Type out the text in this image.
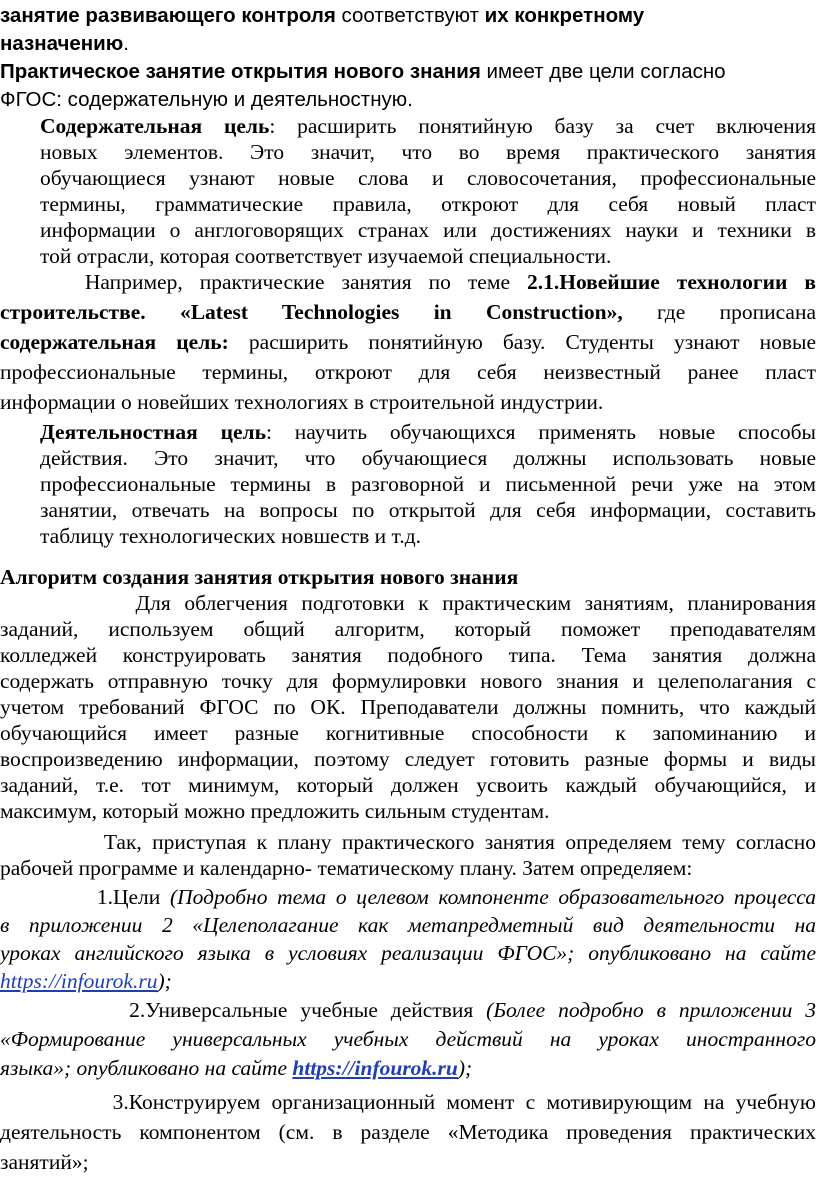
занятие развивающего контроля соответствуют их конкретному
назначению.
Практическое занятие открытия нового знания имеет две цели согласно
ФГОС: содержательную и деятельностную.
Содержательная цель: расширить понятийную базу за счет включения
новых элементов. Это значит, что во время практического занятия
обучающиеся узнают новые слова и словосочетания, профессиональные
термины, грамматические правила, откроют для себя новый пласт
информации о англоговорящих странах или достижениях науки и техники в
той отрасли, которая соответствует изучаемой специальности.
Например, практические занятия по теме 2.1.Новейшие технологии в
строительстве. «Latest Technologies in Construction», где прописана
содержательная цель: расширить понятийную базу. Студенты узнают новые
профессиональные термины, откроют для себя неизвестный ранее пласт
информации о новейших технологиях в строительной индустрии.
Деятельностная цель: научить обучающихся применять новые способы
действия. Это значит, что обучающиеся должны использовать новые
профессиональные термины в разговорной и письменной речи уже на этом
занятии, отвечать на вопросы по открытой для себя информации, составить
таблицу технологических новшеств и т.д.
Алгоритм создания занятия открытия нового знания
Для облегчения подготовки к практическим занятиям, планирования
заданий, используем общий алгоритм, который поможет преподавателям
колледжей конструировать занятия подобного типа. Тема занятия должна
содержать отправную точку для формулировки нового знания и целеполагания с
учетом требований ФГОС по ОК. Преподаватели должны помнить, что каждый
обучающийся имеет разные когнитивные способности к запоминанию и
воспроизведению информации, поэтому следует готовить разные формы и виды
заданий, т.е. тот минимум, который должен усвоить каждый обучающийся, и
максимум, который можно предложить сильным студентам.
Так, приступая к плану практического занятия определяем тему согласно
рабочей программе и календарно- тематическому плану. Затем определяем:
1.Цели (Подробно тема о целевом компоненте образовательного процесса
в приложении 2 «Целеполагание как метапредметный вид деятельности на
уроках английского языка в условиях реализации ФГОС»; опубликовано на сайте
https://infourok.ru);
2.Универсальные учебные действия (Более подробно в приложении 3
«Формирование универсальных учебных действий на уроках иностранного
языка»; опубликовано на сайте https://infourok.ru);
3.Конструируем организационный момент с мотивирующим на учебную
деятельность компонентом (см. в разделе «Методика проведения практических
занятий»;
